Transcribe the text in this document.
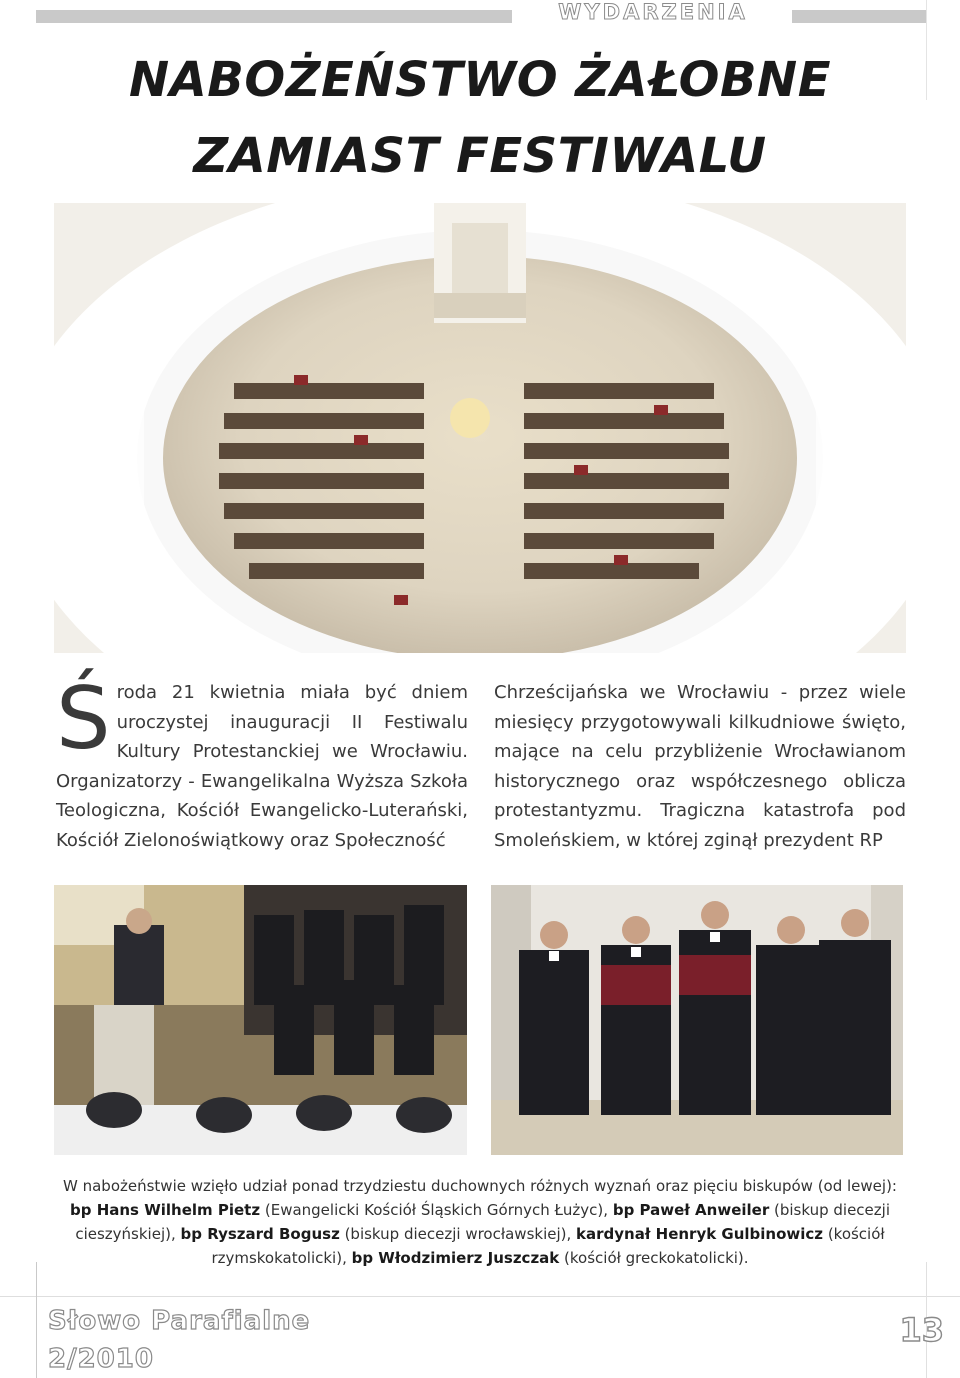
WYDARZENIA
NABOŻEŃSTWO ŻAŁOBNE
ZAMIAST FESTIWALU
Ś roda 21 kwietnia miała być dniem uroczystej inauguracji II Festiwalu Kultury Protestanckiej we Wrocławiu. Organizatorzy - Ewangelikalna Wyższa Szkoła Teologiczna, Kościół Ewangelicko-Luterański, Kościół Zielonoświątkowy oraz Społeczność

Chrześcijańska we Wrocławiu - przez wiele miesięcy przygotowywali kilkudniowe święto, mające na celu przybliżenie Wrocławianom historycznego oraz współczesnego oblicza protestantyzmu. Tragiczna katastrofa pod Smoleńskiem, w której zginął prezydent RP

W nabożeństwie wzięło udział ponad trzydziestu duchownych różnych wyznań oraz pięciu biskupów (od lewej): bp Hans Wilhelm Pietz (Ewangelicki Kościół Śląskich Górnych Łużyc), bp Paweł Anweiler (biskup diecezji cieszyńskiej), bp Ryszard Bogusz (biskup diecezji wrocławskiej), kardynał Henryk Gulbinowicz (kościół rzymskokatolicki), bp Włodzimierz Juszczak (kościół greckokatolicki).
Słowo Parafialne
2/2010
13
